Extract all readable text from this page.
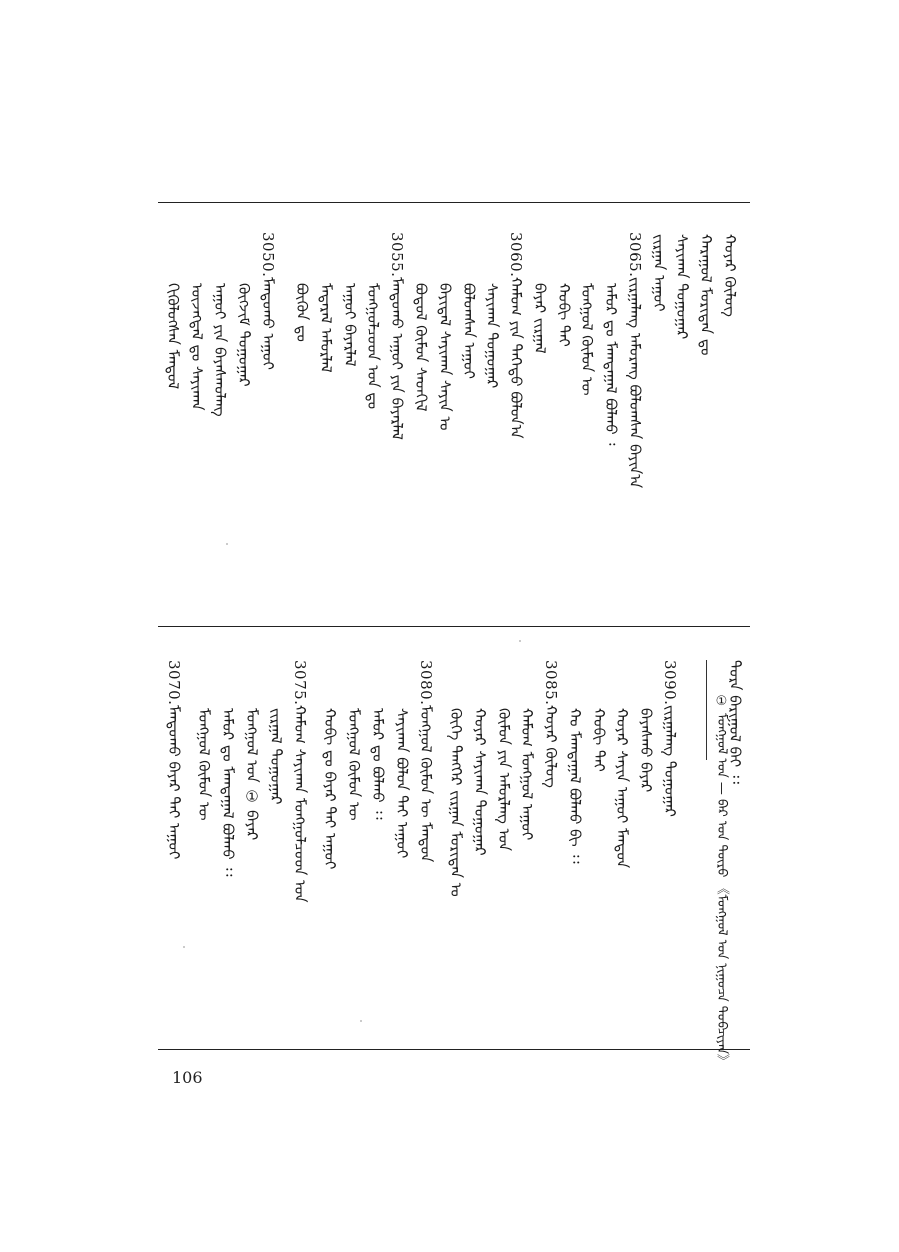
ᠬᠣᠶᠠᠷ ᠬᠥᠯᠦᠭ
ᠬᠠᠷᠠᠭᠤᠯ ᠮᠣᠷᠢᠳᠠᠨ ᠳᠤ
ᠰᠠᠶᠢᠬᠠᠨ ᠳᠣᠭᠤᠭᠠᠷ
ᠵᠢᠷᠭᠠᠨ ᠠᠭᠤᠢ
3065.ᠵᠢᠷᠭᠠᠯᠠᠩ ᠠᠮᠤᠷᠠᠩ ᠪᠣᠯᠤᠭᠰᠠᠨ ᠪᠠᠶᠢᠨ᠎ᠠ
ᠠᠮᠤᠷ ᠳᠤ ᠮᠠᠭᠲᠠᠭᠠᠯ ᠪᠣᠯᠬᠤ ᠄
ᠮᠣᠩᠭᠣᠯ ᠬᠦᠮᠦᠨ ᠦ
ᠬᠣᠪᠢ ᠲᠠᠢ
ᠪᠠᠶᠠᠷ ᠵᠢᠷᠭᠠᠯ
3060.ᠬᠠᠮᠤᠭ ᠶᠢᠨ ᠳᠡᠭᠡᠳᠦ ᠪᠣᠯᠤᠨ᠎ᠠ
ᠰᠠᠶᠢᠬᠠᠨ ᠳᠣᠭᠤᠭᠠᠷ
ᠪᠣᠯᠤᠭᠰᠠᠨ ᠠᠭᠤᠢ
ᠪᠠᠶᠢᠳᠠᠯ ᠰᠠᠶᠢᠬᠠᠨ ᠰᠠᠶᠢᠨ ᠤ
ᠪᠣᠳᠣᠯ ᠬᠦᠮᠦᠨ ᠰᠡᠳᠬᠢᠯ
3055.ᠮᠠᠨᠳᠤᠬᠤ ᠠᠭᠤᠢ ᠶᠢᠨ ᠪᠠᠶᠠᠷᠯᠠᠯ
ᠮᠣᠩᠭᠣᠯᠴᠤᠳ ᠤᠨ ᠳᠤ
ᠠᠭᠤᠢ ᠪᠠᠶᠠᠷᠯᠠᠯ
ᠮᠡᠳᠡᠷᠡᠯ ᠠᠮᠤᠷᠯᠠᠯ
ᠪᠦᠬᠦᠨ ᠳᠤ
3050.ᠮᠠᠨᠳᠤᠬᠤ ᠠᠭᠤᠢ
ᠬᠥᠭᠵᠢᠮ ᠳᠣᠭᠤᠭᠠᠷ
ᠠᠭᠤᠢ ᠶᠢᠨ ᠪᠠᠶᠠᠰᠬᠤᠯᠠᠩ
ᠦᠵᠡᠭᠳᠡᠯ ᠳᠤ ᠰᠠᠶᠢᠬᠠᠨ
ᠭᠢᠭᠦᠯᠦᠭᠰᠡᠨ ᠮᠠᠨᠳᠤᠯ
ᠳᠤᠷᠠ ᠪᠠᠷᠢᠭᠤᠯ ᠪᠠᠢ ᠄᠄
① ᠮᠣᠩᠭᠣᠯ ᠤᠨ — ᠪᠠᠷ ᠤᠨ ᠲᠥᠷᠦ 《ᠮᠣᠩᠭᠣᠯ ᠤᠨ ᠨᠢᠭᠤᠴᠠ ᠲᠣᠪᠴᠢᠶᠠᠨ》
3090.ᠵᠢᠷᠭᠠᠯᠠᠩ ᠳᠣᠭᠤᠭᠠᠷ
ᠪᠠᠶᠠᠰᠬᠤ ᠪᠠᠶᠠᠷ
ᠬᠣᠶᠠᠷ ᠰᠠᠶᠢᠨ ᠠᠭᠤᠢ ᠮᠠᠨᠳᠤᠨ
ᠬᠣᠪᠢ ᠲᠠᠢ
ᠬᠤ ᠮᠠᠭᠲᠠᠭᠠᠯ ᠪᠣᠯᠬᠤ ᠪᠢ ᠄᠄
3085.ᠬᠣᠶᠠᠷ ᠬᠥᠯᠦᠭ
ᠬᠠᠮᠤᠭ ᠮᠣᠩᠭᠣᠯ ᠠᠭᠤᠢ
ᠬᠦᠮᠦᠨ ᠶᠢᠨ ᠠᠮᠤᠷᠯᠠᠩ ᠤᠨ
ᠬᠣᠶᠠᠷ ᠰᠠᠶᠢᠬᠠᠨ ᠳᠣᠭᠤᠭᠠᠷ
ᠬᠥᠬᠡ ᠲᠡᠩᠭᠡᠷ ᠵᠢᠷᠭᠠᠨ ᠮᠣᠷᠢᠳᠠᠨ ᠤ
3080.ᠮᠣᠩᠭᠣᠯ ᠬᠦᠮᠦᠨ ᠦ ᠮᠠᠨᠳᠤᠨ
ᠰᠠᠶᠢᠬᠠᠨ ᠪᠣᠯᠤᠨ ᠲᠠᠢ ᠠᠭᠤᠢ
ᠠᠮᠤᠷ ᠳᠤ ᠪᠣᠯᠬᠤ ᠄᠄
ᠮᠣᠩᠭᠣᠯ ᠬᠦᠮᠦᠨ ᠦ
ᠬᠣᠪᠢ ᠳᠤ ᠪᠠᠶᠠᠷ ᠲᠠᠢ ᠠᠭᠤᠢ
3075.ᠬᠠᠮᠤᠭ ᠰᠠᠶᠢᠬᠠᠨ ᠮᠣᠩᠭᠣᠯᠴᠤᠳ ᠤᠨ
ᠵᠢᠷᠭᠠᠯ ᠳᠣᠭᠤᠭᠠᠷ
ᠮᠣᠩᠭᠣᠯ ᠤᠨ ① ᠪᠠᠶᠠᠷ
ᠠᠮᠤᠷ ᠳᠤ ᠮᠠᠭᠲᠠᠭᠠᠯ ᠪᠣᠯᠬᠤ ᠄᠄
ᠮᠣᠩᠭᠣᠯ ᠬᠦᠮᠦᠨ ᠦ
3070.ᠮᠠᠨᠳᠤᠬᠤ ᠪᠠᠶᠠᠷ ᠲᠠᠢ ᠠᠭᠤᠢ
106
